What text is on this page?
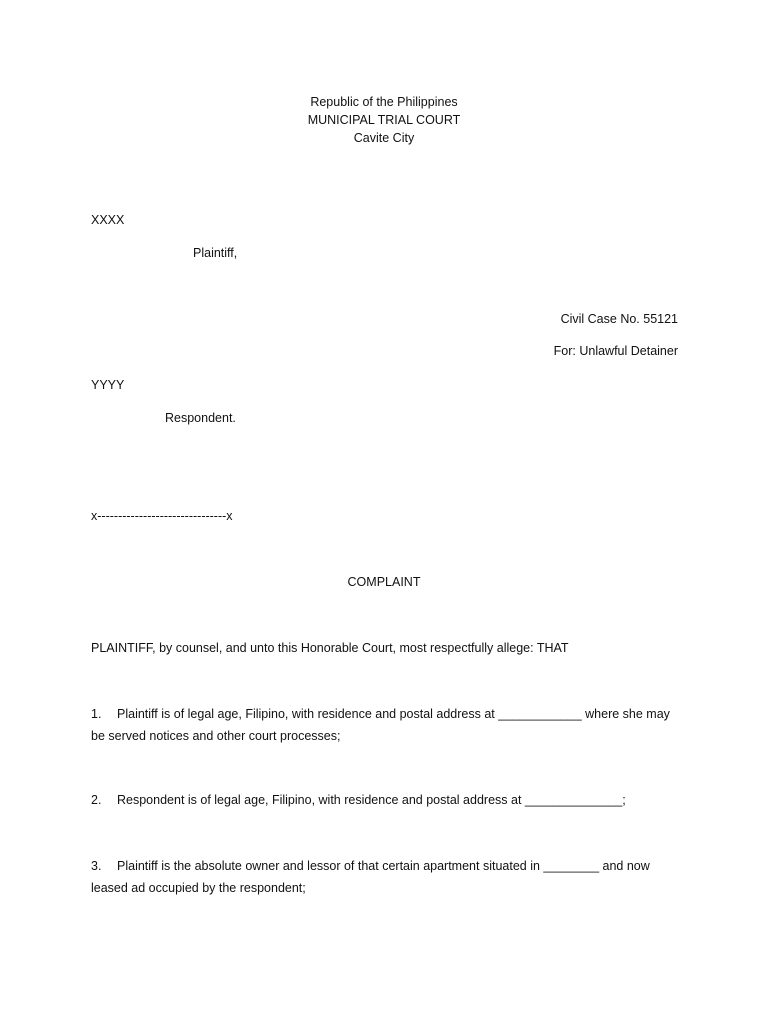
Republic of the Philippines
MUNICIPAL TRIAL COURT
Cavite City
XXXX
Plaintiff,
Civil Case No. 55121
For: Unlawful Detainer
YYYY
Respondent.
x-------------------------------x
COMPLAINT
PLAINTIFF, by counsel, and unto this Honorable Court, most respectfully allege: THAT
1. Plaintiff is of legal age, Filipino, with residence and postal address at ____________ where she may be served notices and other court processes;
2. Respondent is of legal age, Filipino, with residence and postal address at ______________;
3. Plaintiff is the absolute owner and lessor of that certain apartment situated in ________ and now leased ad occupied by the respondent;
